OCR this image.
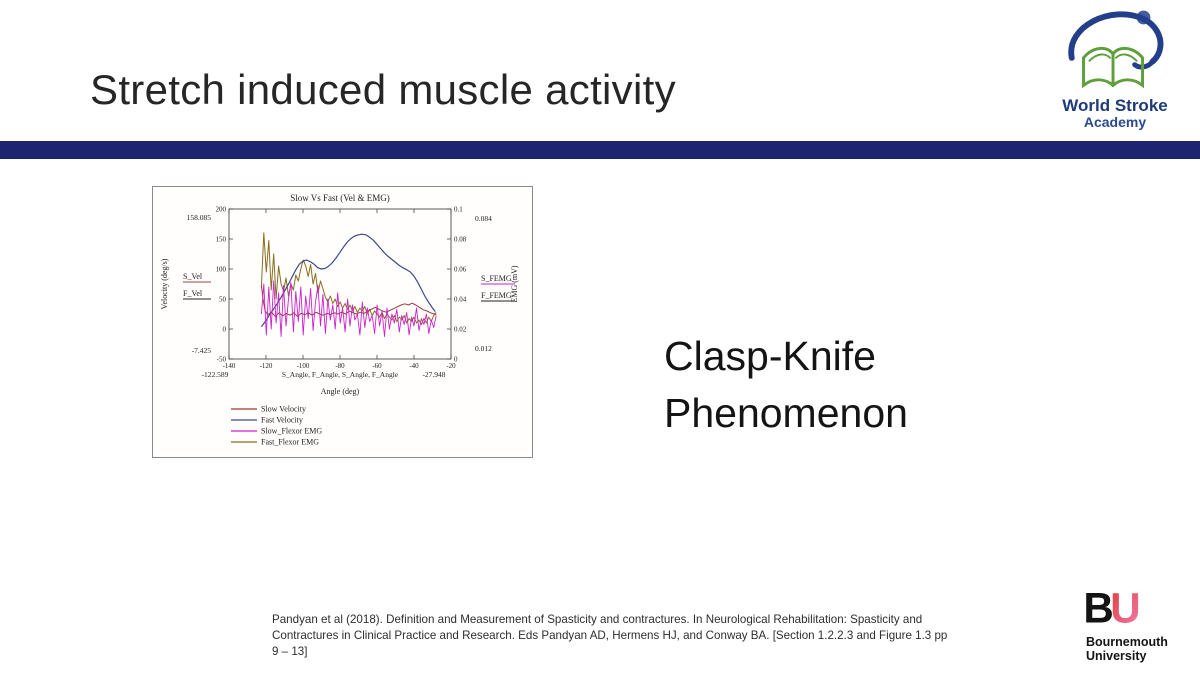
Stretch induced muscle activity	World Stroke
Academy
Slow Vs Fast (Vel & EMG)
-140	-120	-100	-80	-60	-40	-20
200
150
100
50
0
-50
0.1
0.08
0.06
0.04
0.02
0
158.085
-7.425
0.084
0.012
S_Vel
F_Vel
S_FEMG
F_FEMG
Velocity (deg/s)	EMG (mV)
-122.589	S_Angle, F_Angle, S_Angle, F_Angle	-27.948
Angle (deg)
Slow Velocity
Fast Velocity
Slow_Flexor EMG
Fast_Flexor EMG
Clasp-Knife
Phenomenon
Pandyan et al (2018). Definition and Measurement of Spasticity and contractures. In Neurological Rehabilitation: Spasticity and Contractures in Clinical Practice and Research. Eds Pandyan AD, Hermens HJ, and Conway BA. [Section 1.2.2.3 and Figure 1.3 pp 9 – 13]
B
U
Bournemouth
University
